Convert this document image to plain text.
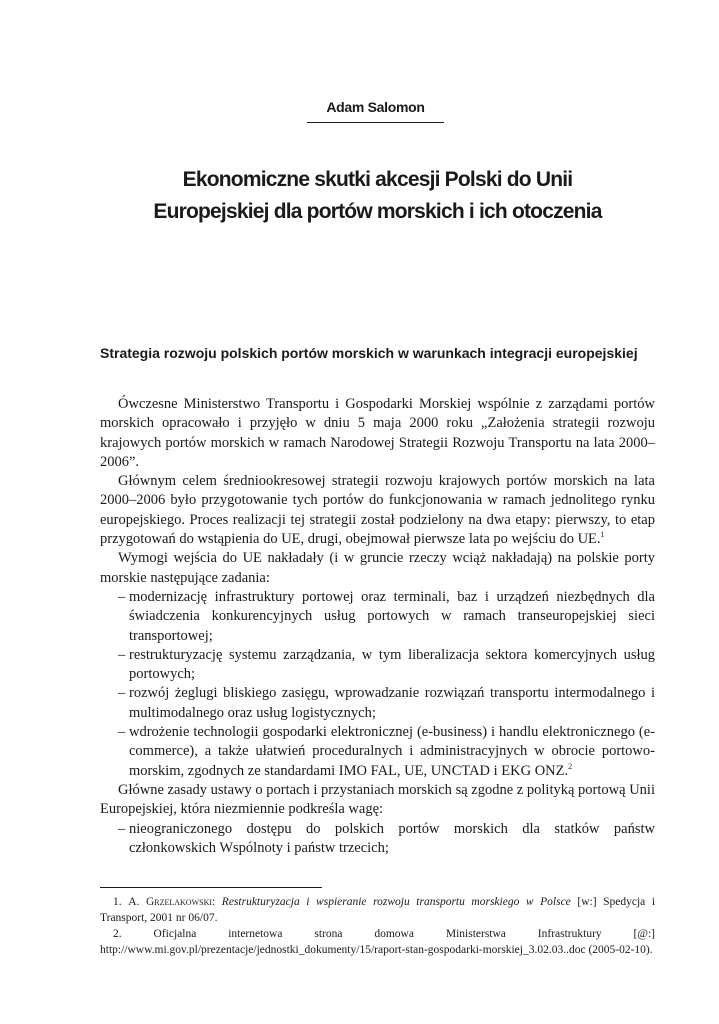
Adam Salomon
Ekonomiczne skutki akcesji Polski do Unii
Europejskiej dla portów morskich i ich otoczenia
Strategia rozwoju polskich portów morskich w warunkach integracji europejskiej

Ówczesne Ministerstwo Transportu i Gospodarki Morskiej wspólnie z zarządami portów morskich opracowało i przyjęło w dniu 5 maja 2000 roku „Założenia strategii rozwoju krajowych portów morskich w ramach Narodowej Strategii Rozwoju Transportu na lata 2000–2006”.

Głównym celem średniookresowej strategii rozwoju krajowych portów morskich na lata 2000–2006 było przygotowanie tych portów do funkcjonowania w ramach jednolitego rynku europejskiego. Proces realizacji tej strategii został podzielony na dwa etapy: pierwszy, to etap przygotowań do wstąpienia do UE, drugi, obejmował pierwsze lata po wejściu do UE.$^1$

Wymogi wejścia do UE nakładały (i w gruncie rzeczy wciąż nakładają) na polskie porty morskie następujące zadania:

– modernizację infrastruktury portowej oraz terminali, baz i urządzeń niezbędnych dla świadczenia konkurencyjnych usług portowych w ramach transeuropejskiej sieci transportowej;
– restrukturyzację systemu zarządzania, w tym liberalizacja sektora komercyjnych usług portowych;
– rozwój żeglugi bliskiego zasięgu, wprowadzanie rozwiązań transportu intermodalnego i multimodalnego oraz usług logistycznych;
– wdrożenie technologii gospodarki elektronicznej (e-business) i handlu elektronicznego (e-commerce), a także ułatwień proceduralnych i administracyjnych w obrocie portowo-morskim, zgodnych ze standardami IMO FAL, UE, UNCTAD i EKG ONZ.$^2$

Główne zasady ustawy o portach i przystaniach morskich są zgodne z polityką portową Unii Europejskiej, która niezmiennie podkreśla wagę:

– nieograniczonego dostępu do polskich portów morskich dla statków państw członkowskich Wspólnoty i państw trzecich;

1. A. Grzelakowski: Restrukturyzacja i wspieranie rozwoju transportu morskiego w Polsce [w:] Spedycja i Transport, 2001 nr 06/07.

2.	Oficjalna internetowa strona domowa Ministerstwa Infrastruktury [@:] http://www.mi.gov.pl/prezentacje/jednostki_dokumenty/15/raport-stan-gospodarki-morskiej_3.02.03..doc (2005-02-10).
